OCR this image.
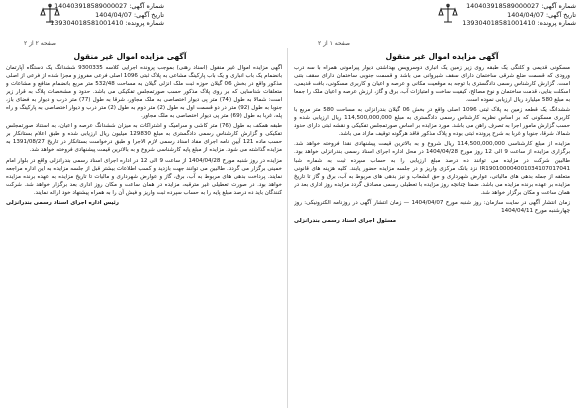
شماره آگهی: 140403918589000027
تاریخ آگهی: 1404/04/07
شماره پرونده: 139304018581001410
شماره آگهی: 140403918589000027
تاریخ آگهی: 1404/04/07
شماره پرونده: 139304018581001410
صفحه ۲ از ۲	صفحه ۱ از ۲
آگهی مزایده اموال غیر منقول	آگهی مزایده اموال غیر منقول

آگهی مزایده اموال غیر منقول (اسناد رهنی) بموجب پرونده اجرایی کلاسه 9300335 ششدانگ یک دستگاه آپارتمان بانضمام یک باب انباری و یک باب پارکینگ مشاعی به پلاک ثبتی 1096 اصلی فرعی مفروز و مجزا شده از فرعی از اصلی مذکور واقع در بخش 06 گیلان حوزه ثبت ملک انزلی گیلان به مساحت 532/48 متر مربع بانضمام منافع و مشاعات و متعلقات شناسایی که بر روی پلاک مذکور حسب صورتمجلس تفکیکی می باشد. حدود و مشخصات پلاک به قرار زیر است: شمالا به طول (74) متر پی دیوار اختصاصی به ملک مجاور، شرقا به طول (77) متر درب و دیوار به فضای باز، جنوبا به طول (92) متر در دو قسمت اول به طول (2) متر دوم به طول (2) متر درب و دیوار اختصاصی به پارکینگ و راه پله، غربا به طول (69) متر پی دیوار اختصاصی به ملک مجاور.

طبقه همکف به طول (76) متر کاشی و سرامیک و اشتراکات به میزان ششدانگ عرصه و اعیان، به استناد صورتمجلس تفکیکی و گزارش کارشناس رسمی دادگستری به مبلغ 129830 میلیون ریال ارزیابی شده و طبق اعلام بستانکار بر حسب ماده 121 آیین نامه اجرای مفاد اسناد رسمی لازم الاجرا و طبق درخواست بستانکار در تاریخ 1391/08/27 به مزایده گذاشته می شود. مزایده از مبلغ پایه کارشناسی شروع و به بالاترین قیمت پیشنهادی فروخته خواهد شد.

مزایده در روز شنبه مورخ 1404/04/28 از ساعت 9 الی 12 در اداره اجرای اسناد رسمی بندرانزلی واقع در بلوار امام خمینی برگزار می گردد. طالبین می توانند جهت بازدید و کسب اطلاعات بیشتر قبل از جلسه مزایده به این اداره مراجعه نمایند. پرداخت بدهی های مربوط به آب، برق، گاز و عوارض شهرداری و مالیات تا تاریخ مزایده به عهده برنده مزایده خواهد بود. در صورت تعطیلی غیر مترقبه، مزایده در همان ساعت و مکان روز اداری بعد برگزار خواهد شد. شرکت کنندگان باید ده درصد مبلغ پایه را به حساب سپرده ثبت واریز و فیش آن را به همراه پیشنهاد خود ارائه نمایند.

رئیس اداره اجرای اسناد رسمی بندرانزلی

مسکونی قدیمی و کلنگی یک طبقه روی زیر زمین یک انباری دوسرویس بهداشتی دیوار پیرامونی همراه با سه درب ورودی که قسمت ضلع شرقی ساختمان دارای سقف شیروانی می باشد و قسمت جنوبی ساختمان دارای سقف بتنی است. گزارش کارشناس رسمی دادگستری با توجه به موقعیت مکانی و عرصه و اعیان و کاربری مسکونی، بافت قدیمی، اسکلت بنایی، قدمت ساختمان و نوع مصالح، کیفیت ساخت و امتیازات آب، برق و گاز، ارزش عرصه و اعیان ملک را جمعا به مبلغ 580 میلیارد ریال ارزیابی نموده است.

ششدانگ یک قطعه زمین به پلاک ثبتی 1096 اصلی واقع در بخش 06 گیلان بندرانزلی به مساحت 580 متر مربع با کاربری مسکونی که بر اساس نظریه کارشناس رسمی دادگستری به مبلغ 114,500,000,000 ریال ارزیابی شده و حسب گزارش مامور اجرا به تصرف راهن می باشد. مورد مزایده بر اساس صورتمجلس تفکیکی و نقشه ثبتی دارای حدود شمالا، شرقا، جنوبا و غربا به شرح پرونده ثبتی بوده و پلاک مذکور فاقد هرگونه توقیف مازاد می باشد.

مزایده از مبلغ کارشناسی 114,500,000,000 ریال شروع و به بالاترین قیمت پیشنهادی نقدا فروخته خواهد شد. برگزاری مزایده از ساعت 9 الی 12 روز مورخ 1404/04/28 در محل اداره اجرای اسناد رسمی بندرانزلی خواهد بود. طالبین شرکت در مزایده می توانند ده درصد مبلغ ارزیابی را به حساب سپرده ثبت به شماره شبا IR190100004001034107017041 نزد بانک مرکزی واریز و در جلسه مزایده حضور یابند. کلیه هزینه های قانونی متعلقه از جمله بدهی های مالیاتی، عوارض شهرداری و حق انشعاب و نیز بدهی های مربوط به آب، برق و گاز تا تاریخ مزایده بر عهده برنده مزایده می باشد. ضمنا چنانچه روز مزایده با تعطیلی رسمی مصادف گردد مزایده روز اداری بعد در همان ساعت و مکان برگزار خواهد شد.

زمان انتشار آگهی در سایت سازمان: روز شنبه مورخ 1404/04/07 — زمان انتشار آگهی در روزنامه الکترونیکی: روز چهارشنبه مورخ 1404/04/11

مسئول اجرای اسناد رسمی بندرانزلی
